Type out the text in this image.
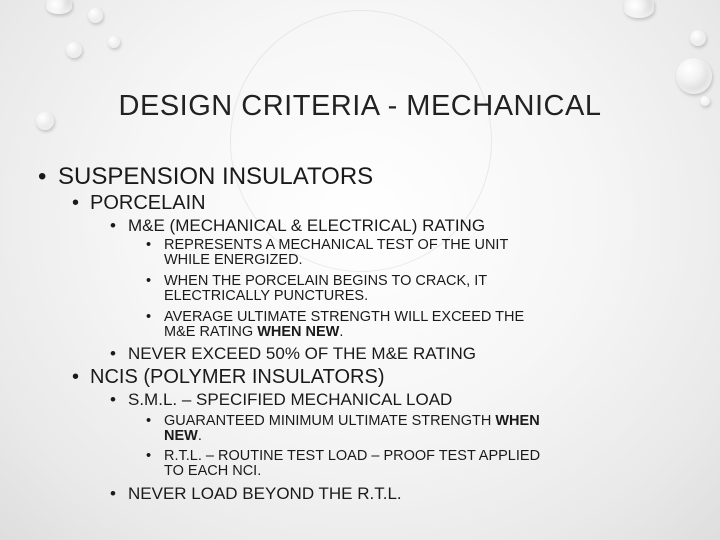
DESIGN CRITERIA - MECHANICAL
• SUSPENSION INSULATORS
• PORCELAIN
• M&E (MECHANICAL & ELECTRICAL) RATING
• REPRESENTS A MECHANICAL TEST OF THE UNIT
WHILE ENERGIZED.
• WHEN THE PORCELAIN BEGINS TO CRACK, IT
ELECTRICALLY PUNCTURES.
• AVERAGE ULTIMATE STRENGTH WILL EXCEED THE
M&E RATING WHEN NEW.
• NEVER EXCEED 50% OF THE M&E RATING
• NCIS (POLYMER INSULATORS)
• S.M.L. – SPECIFIED MECHANICAL LOAD
• GUARANTEED MINIMUM ULTIMATE STRENGTH WHEN
NEW.
• R.T.L. – ROUTINE TEST LOAD – PROOF TEST APPLIED
TO EACH NCI.
• NEVER LOAD BEYOND THE R.T.L.
